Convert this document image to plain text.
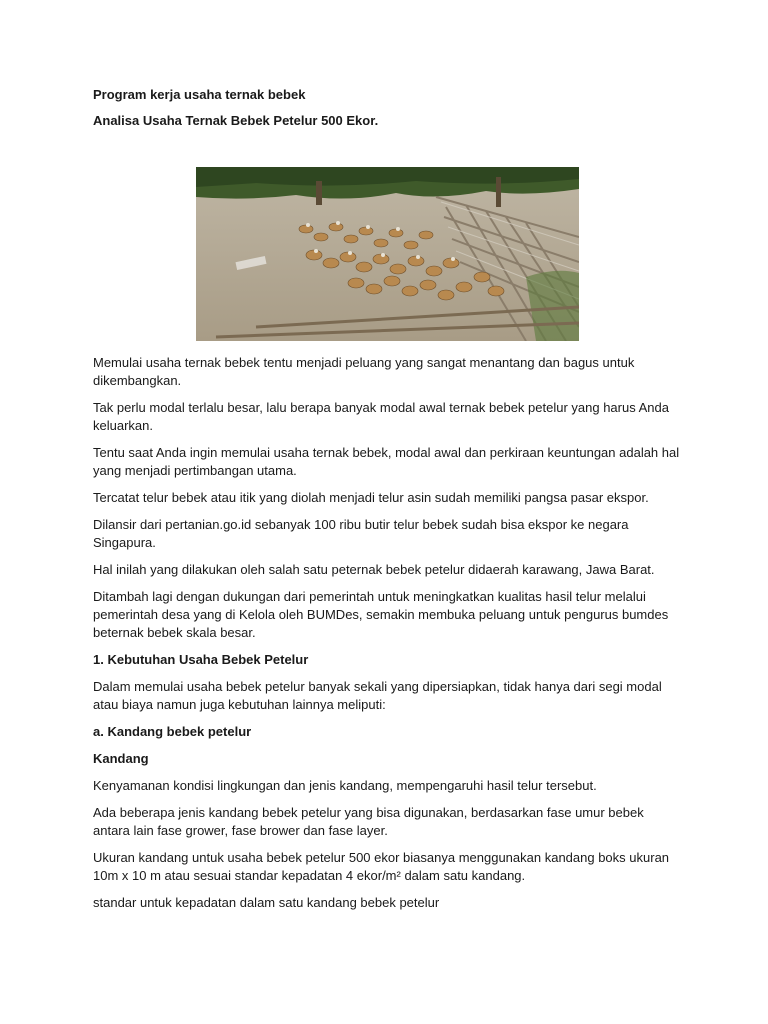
Program kerja usaha ternak bebek

Analisa Usaha Ternak Bebek Petelur 500 Ekor.

Memulai usaha ternak bebek tentu menjadi peluang yang sangat menantang dan bagus untuk dikembangkan.

Tak perlu modal terlalu besar, lalu berapa banyak modal awal ternak bebek petelur yang harus Anda keluarkan.

Tentu saat Anda ingin memulai usaha ternak bebek, modal awal dan perkiraan keuntungan adalah hal yang menjadi pertimbangan utama.

Tercatat telur bebek atau itik yang diolah menjadi telur asin sudah memiliki pangsa pasar ekspor.

Dilansir dari pertanian.go.id sebanyak 100 ribu butir telur bebek sudah bisa ekspor ke negara Singapura.

Hal inilah yang dilakukan oleh salah satu peternak bebek petelur didaerah karawang, Jawa Barat.

Ditambah lagi dengan dukungan dari pemerintah untuk meningkatkan kualitas hasil telur melalui pemerintah desa yang di Kelola oleh BUMDes, semakin membuka peluang untuk pengurus bumdes beternak bebek skala besar.

1. Kebutuhan Usaha Bebek Petelur

Dalam memulai usaha bebek petelur banyak sekali yang dipersiapkan, tidak hanya dari segi modal atau biaya namun juga kebutuhan lainnya meliputi:

a. Kandang bebek petelur

Kandang

Kenyamanan kondisi lingkungan dan jenis kandang, mempengaruhi hasil telur tersebut.

Ada beberapa jenis kandang bebek petelur yang bisa digunakan, berdasarkan fase umur bebek antara lain fase grower, fase brower dan fase layer.

Ukuran kandang untuk usaha bebek petelur 500 ekor biasanya menggunakan kandang boks ukuran 10m x 10 m atau sesuai standar kepadatan 4 ekor/m² dalam satu kandang.

standar untuk kepadatan dalam satu kandang bebek petelur
